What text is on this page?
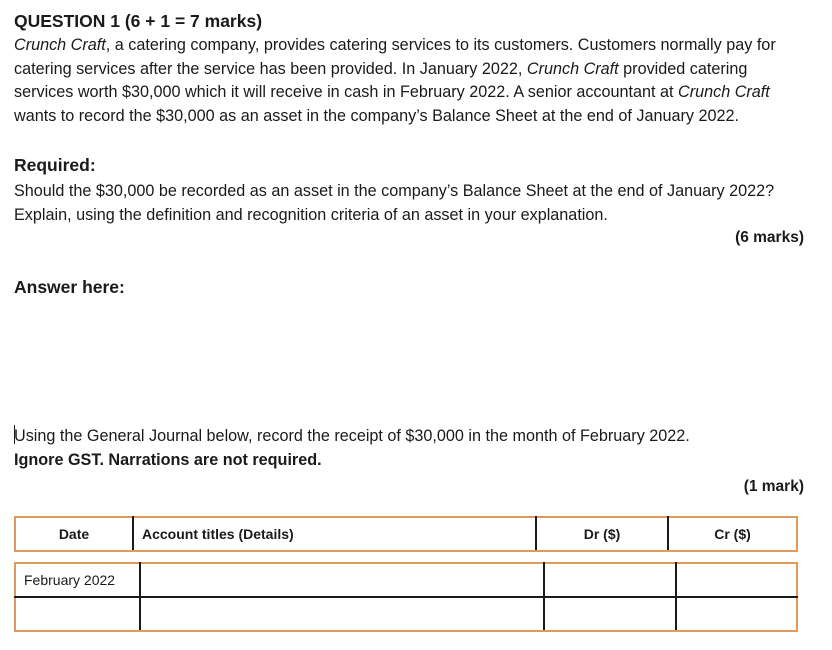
QUESTION 1 (6 + 1 = 7 marks)

Crunch Craft, a catering company, provides catering services to its customers. Customers normally pay for catering services after the service has been provided. In January 2022, Crunch Craft provided catering services worth $30,000 which it will receive in cash in February 2022. A senior accountant at Crunch Craft wants to record the $30,000 as an asset in the company’s Balance Sheet at the end of January 2022.

Required:
Should the $30,000 be recorded as an asset in the company’s Balance Sheet at the end of January 2022? Explain, using the definition and recognition criteria of an asset in your explanation.
(6 marks)
Answer here:
Using the General Journal below, record the receipt of $30,000 in the month of February 2022.
Ignore GST. Narrations are not required.
(1 mark)
Date	Account titles (Details)	Dr ($)	Cr ($)
February 2022			
